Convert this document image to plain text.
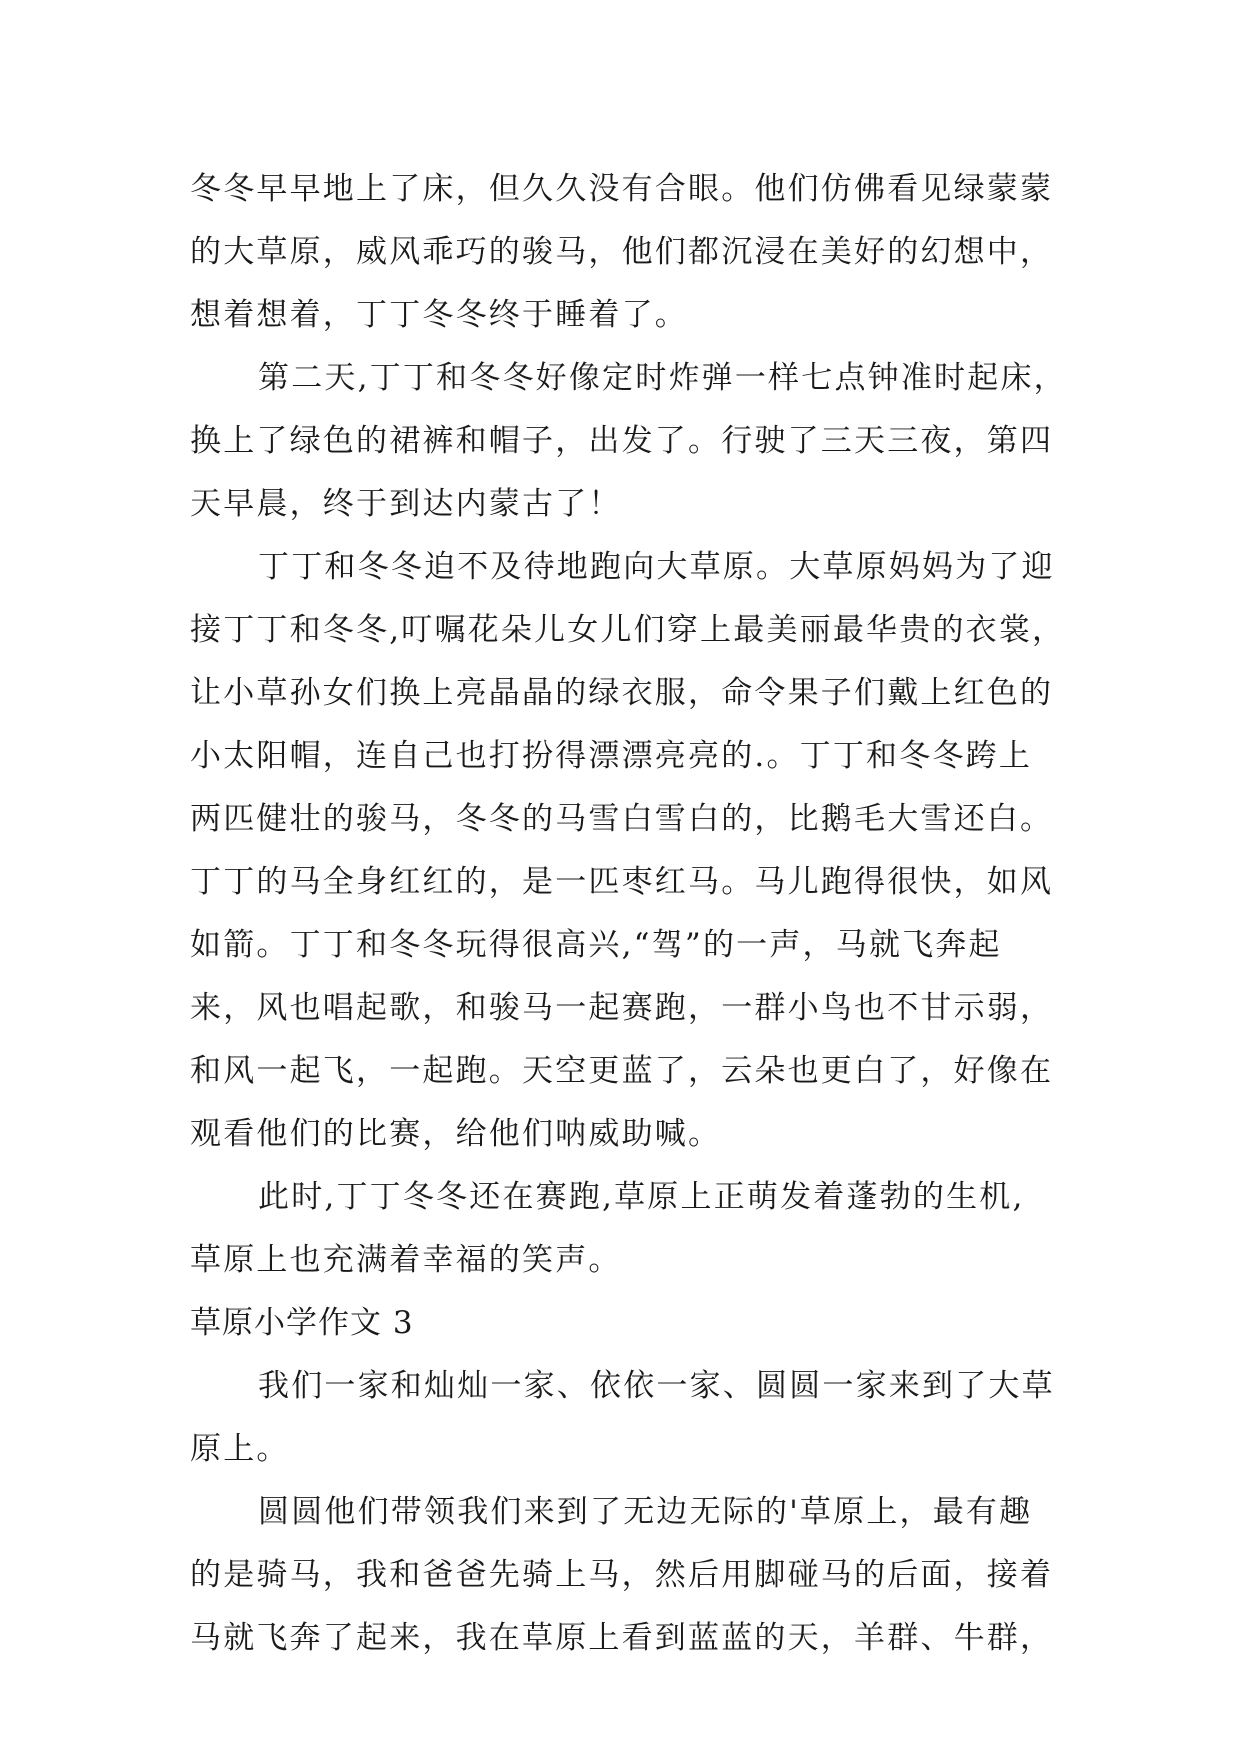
冬冬早早地上了床，但久久没有合眼。他们仿佛看见绿蒙蒙
的大草原，威风乖巧的骏马，他们都沉浸在美好的幻想中，
想着想着，丁丁冬冬终于睡着了。
第二天,丁丁和冬冬好像定时炸弹一样七点钟准时起床，
换上了绿色的裙裤和帽子，出发了。行驶了三天三夜，第四
天早晨，终于到达内蒙古了！
丁丁和冬冬迫不及待地跑向大草原。大草原妈妈为了迎
接丁丁和冬冬,叮嘱花朵儿女儿们穿上最美丽最华贵的衣裳，
让小草孙女们换上亮晶晶的绿衣服，命令果子们戴上红色的
小太阳帽，连自己也打扮得漂漂亮亮的.。丁丁和冬冬跨上
两匹健壮的骏马，冬冬的马雪白雪白的，比鹅毛大雪还白。
丁丁的马全身红红的，是一匹枣红马。马儿跑得很快，如风
如箭。丁丁和冬冬玩得很高兴,“驾”的一声，马就飞奔起
来，风也唱起歌，和骏马一起赛跑，一群小鸟也不甘示弱，
和风一起飞，一起跑。天空更蓝了，云朵也更白了，好像在
观看他们的比赛，给他们呐威助喊。
此时,丁丁冬冬还在赛跑,草原上正萌发着蓬勃的生机,
草原上也充满着幸福的笑声。
草原小学作文 3
我们一家和灿灿一家、依依一家、圆圆一家来到了大草
原上。
圆圆他们带领我们来到了无边无际的'草原上，最有趣
的是骑马，我和爸爸先骑上马，然后用脚碰马的后面，接着
马就飞奔了起来，我在草原上看到蓝蓝的天，羊群、牛群，
